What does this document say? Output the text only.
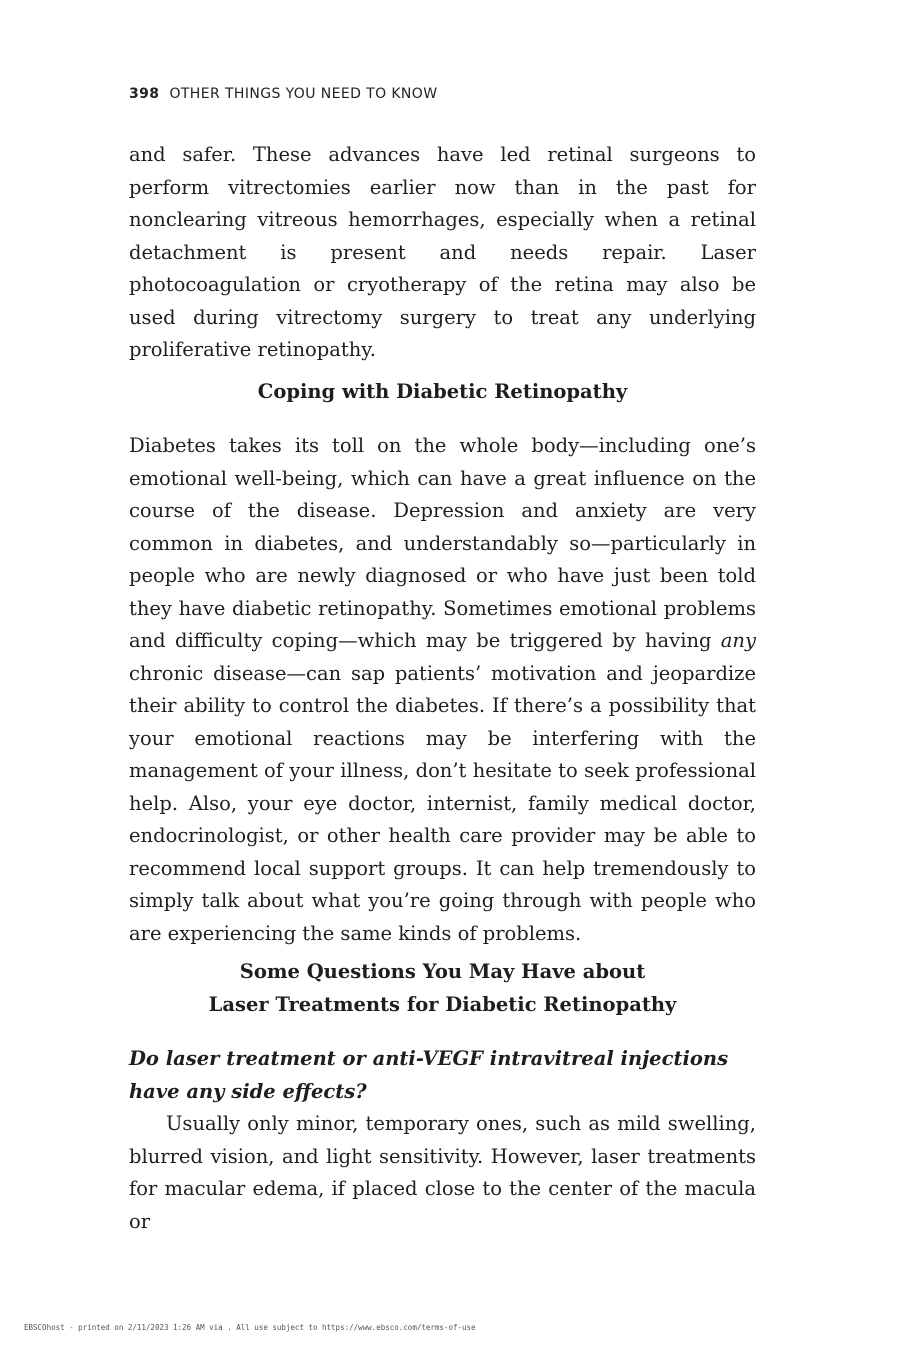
398 OTHER THINGS YOU NEED TO KNOW

and safer. These advances have led retinal surgeons to perform vitrectomies earlier now than in the past for nonclearing vitreous hemorrhages, especially when a retinal detachment is present and needs repair. Laser photocoagulation or cryotherapy of the retina may also be used during vitrectomy surgery to treat any underlying proliferative retinopathy.

Coping with Diabetic Retinopathy

Diabetes takes its toll on the whole body—including one’s emotional well-being, which can have a great influence on the course of the disease. Depression and anxiety are very common in diabetes, and understandably so—particularly in people who are newly diagnosed or who have just been told they have diabetic retinopathy. Sometimes emotional problems and difficulty coping—which may be triggered by having any chronic disease—can sap patients’ motivation and jeopardize their ability to control the diabetes. If there’s a possibility that your emotional reactions may be interfering with the management of your illness, don’t hesitate to seek professional help. Also, your eye doctor, internist, family medical doctor, endocrinologist, or other health care provider may be able to recommend local support groups. It can help tremendously to simply talk about what you’re going through with people who are experiencing the same kinds of problems.

Some Questions You May Have about
Laser Treatments for Diabetic Retinopathy

Do laser treatment or anti-VEGF intravitreal injections have any side effects?

Usually only minor, temporary ones, such as mild swelling, blurred vision, and light sensitivity. However, laser treatments for macular edema, if placed close to the center of the macula or

EBSCOhost - printed on 2/11/2023 1:26 AM via . All use subject to https://www.ebsco.com/terms-of-use
